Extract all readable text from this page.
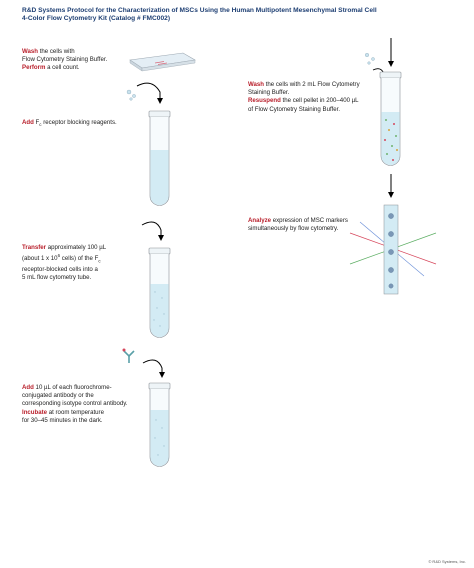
R&D Systems Protocol for the Characterization of MSCs Using the Human Multipotent Mesenchymal Stromal Cell
4-Color Flow Cytometry Kit (Catalog # FMC002)
Wash the cells with
Flow Cytometry Staining Buffer.
Perform a cell count.
Add $F_c$ receptor blocking reagents.
Transfer approximately 100 µL
(about 1 x $10^6$ cells) of the $F_c$
receptor-blocked cells into a
5 mL flow cytometry tube.
Add 10 µL of each fluorochrome-
conjugated antibody or the
corresponding isotype control antibody.
Incubate at room temperature
for 30–45 minutes in the dark.
Wash the cells with 2 mL Flow Cytometry
Staining Buffer.
Resuspend the cell pellet in 200–400 µL
of Flow Cytometry Staining Buffer.
Analyze expression of MSC markers
simultaneously by flow cytometry.
© R&D Systems, Inc.
